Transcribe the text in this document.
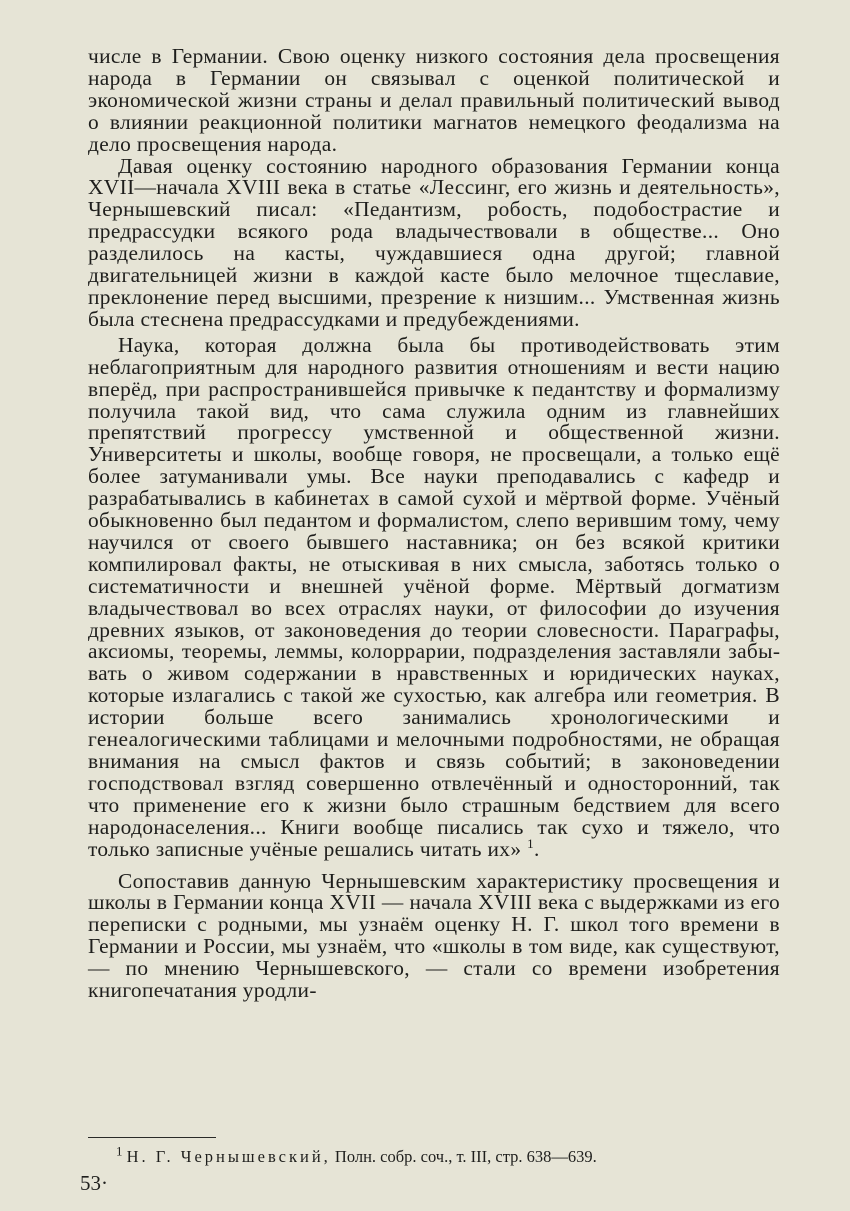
числе в Германии. Свою оценку низкого состояния дела просвещения народа в Германии он связывал с оценкой политической и экономической жизни страны и делал правильный политический вывод о влиянии реакционной политики магнатов немецкого феодализма на дело просвещения народа.

Давая оценку состоянию народного образования Германии конца XVII—начала XVIII века в статье «Лессинг, его жизнь и деятельность», Чернышевский писал: «Педантизм, робость, подобострастие и предрассудки всякого рода владычествовали в обществе... Оно разделилось на касты, чуждавшиеся одна другой; главной двигательницей жизни в каждой касте было мелочное тщеславие, преклонение перед высшими, презрение к низшим... Умственная жизнь была стеснена предрассудками и предубеждениями.

Наука, которая должна была бы противодействовать этим неблагоприятным для народного развития отношениям и вести нацию вперёд, при распространившейся привычке к педантству и формализму получила такой вид, что сама служила одним из главнейших препятствий прогрессу умственной и общественной жизни. Университеты и школы, вообще говоря, не просвещали, а только ещё более затуманивали умы. Все науки преподавались с кафедр и разрабатывались в кабинетах в самой сухой и мёртвой форме. Учёный обыкновенно был педантом и формалистом, слепо верившим тому, чему научился от своего бывшего наставника; он без всякой критики компилировал факты, не отыскивая в них смысла, заботясь только о систематичности и внешней учёной форме. Мёртвый догматизм владычествовал во всех отраслях науки, от философии до изучения древних языков, от законоведения до теории словесности. Параграфы, аксиомы, теоремы, леммы, колоррарии, подразделения заставляли забывать о живом содержании в нравственных и юридических науках, которые излагались с такой же сухостью, как алгебра или геометрия. В истории больше всего занимались хронологическими и генеалогическими таблицами и мелочными подробностями, не обращая внимания на смысл фактов и связь событий; в законоведении господствовал взгляд совершенно отвлечённый и односторонний, так что применение его к жизни было страшным бедствием для всего народонаселения... Книги вообще писались так сухо и тяжело, что только записные учёные решались читать их» $^1$.

Сопоставив данную Чернышевским характеристику просвещения и школы в Германии конца XVII — начала XVIII века с выдержками из его переписки с родными, мы узнаём оценку Н. Г. школ того времени в Германии и России, мы узнаём, что «школы в том виде, как существуют, — по мнению Чернышевского, — стали со времени изобретения книгопечатания уродли-

$^1$ Н. Г. Чернышевский, Полн. собр. соч., т. III, стр. 638—639.
53·
